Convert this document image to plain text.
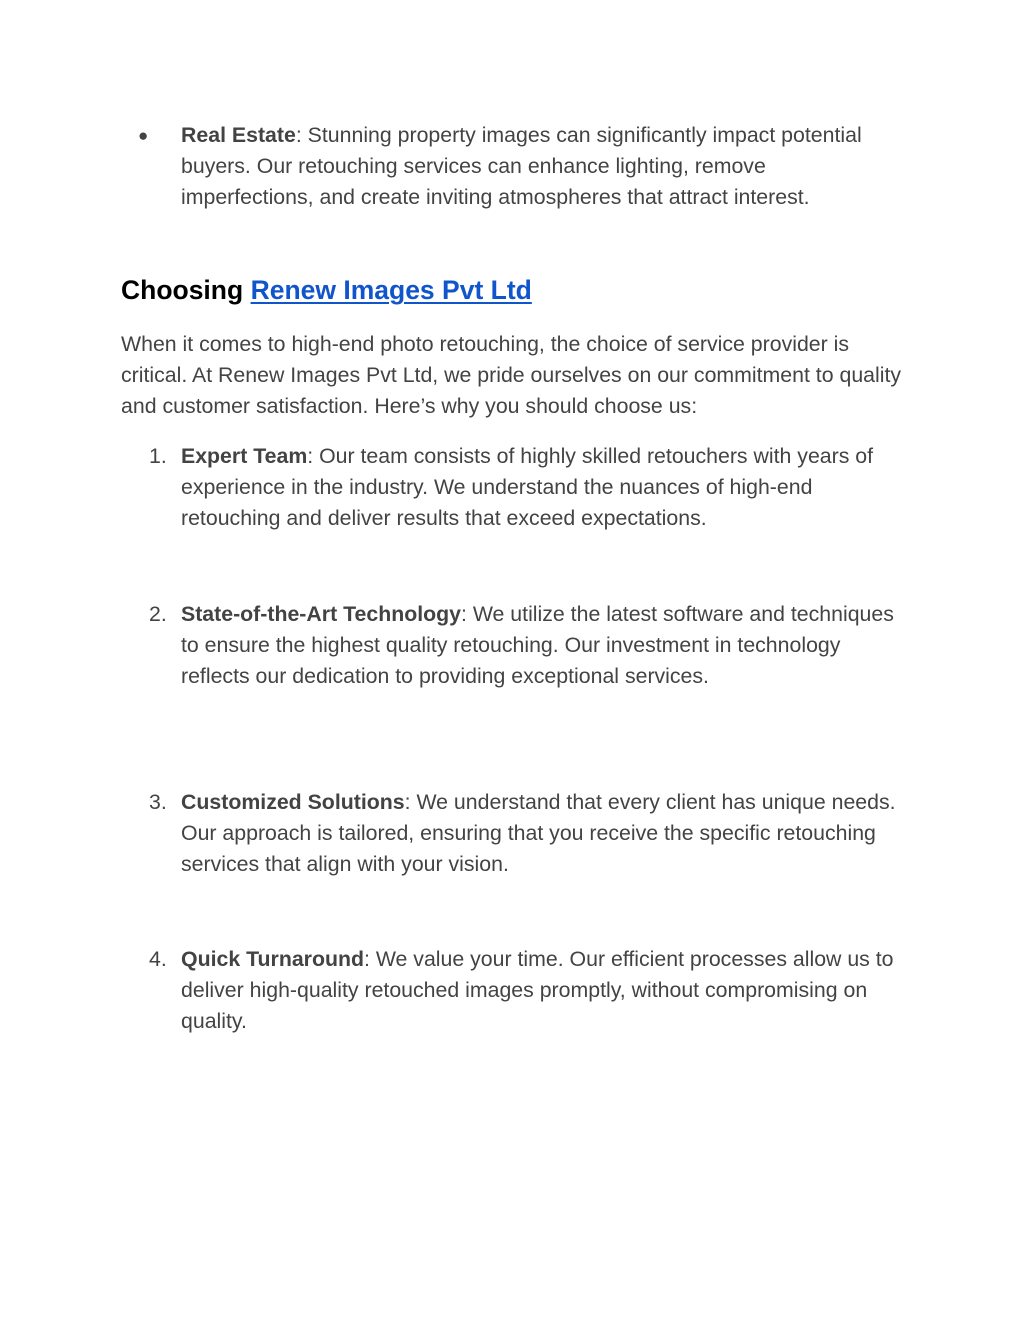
●	Real Estate: Stunning property images can significantly impact potential buyers. Our retouching services can enhance lighting, remove imperfections, and create inviting atmospheres that attract interest.
Choosing Renew Images Pvt Ltd

When it comes to high-end photo retouching, the choice of service provider is critical. At Renew Images Pvt Ltd, we pride ourselves on our commitment to quality and customer satisfaction. Here’s why you should choose us:

1. Expert Team: Our team consists of highly skilled retouchers with years of experience in the industry. We understand the nuances of high-end retouching and deliver results that exceed expectations.
2. State-of-the-Art Technology: We utilize the latest software and techniques to ensure the highest quality retouching. Our investment in technology reflects our dedication to providing exceptional services.
3. Customized Solutions: We understand that every client has unique needs. Our approach is tailored, ensuring that you receive the specific retouching services that align with your vision.
4. Quick Turnaround: We value your time. Our efficient processes allow us to deliver high-quality retouched images promptly, without compromising on quality.
